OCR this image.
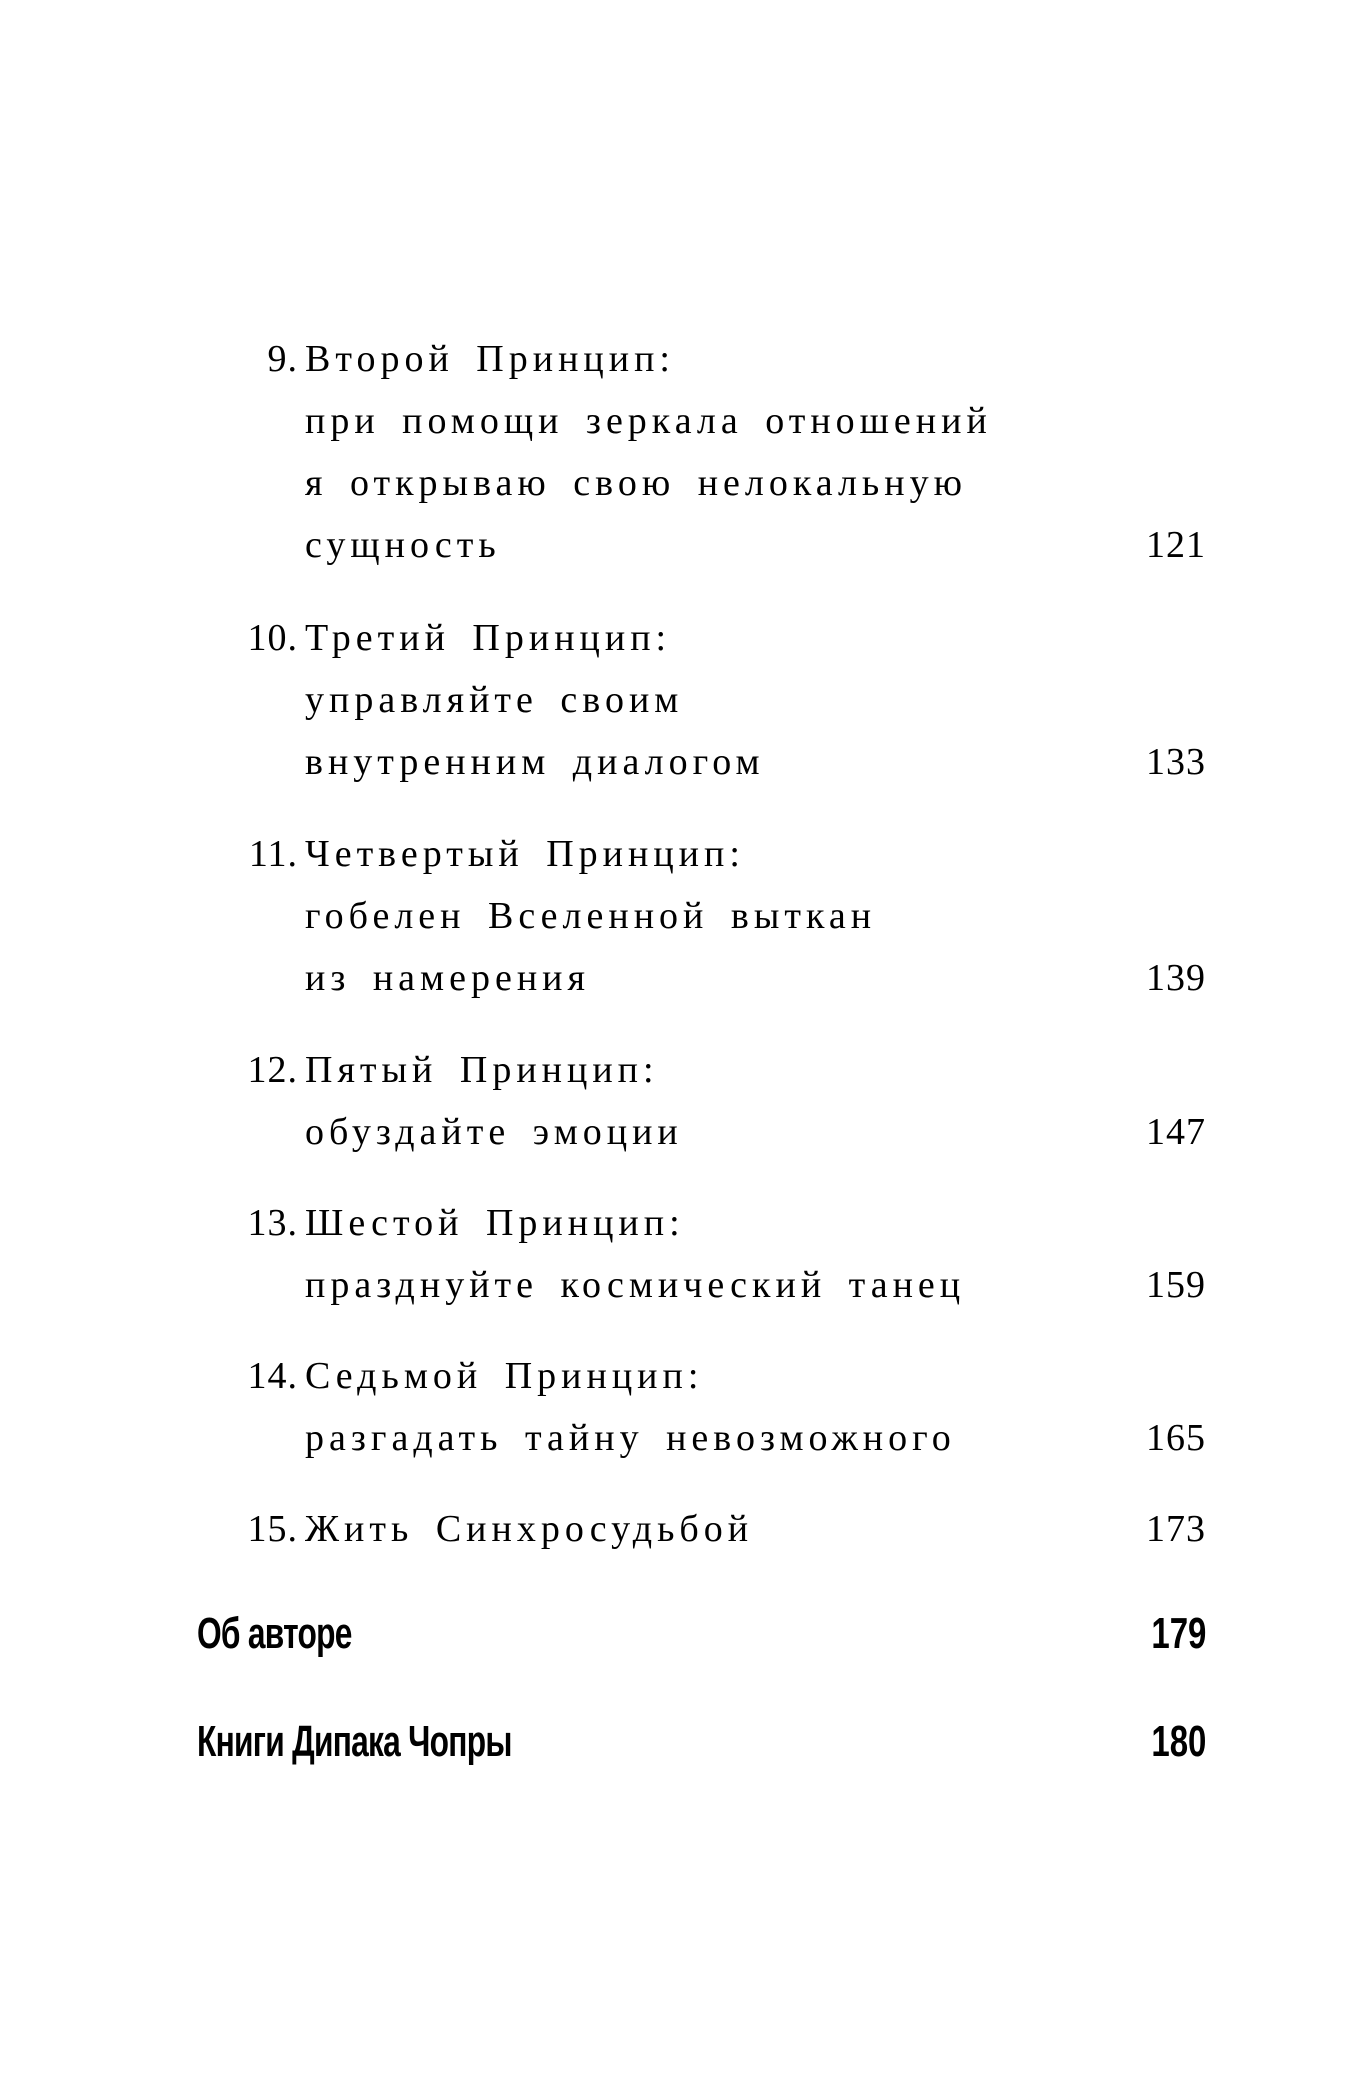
9. Второй Принцип:
при помощи зеркала отношений
я открываю свою нелокальную
сущность	121
10. Третий Принцип:
управляйте своим
внутренним диалогом	133
11. Четвертый Принцип:
гобелен Вселенной выткан
из намерения	139
12. Пятый Принцип:
обуздайте эмоции	147
13. Шестой Принцип:
празднуйте космический танец	159
14. Седьмой Принцип:
разгадать тайну невозможного	165
15. Жить Синхросудьбой	173
Об авторе	179
Книги Дипака Чопры	180
